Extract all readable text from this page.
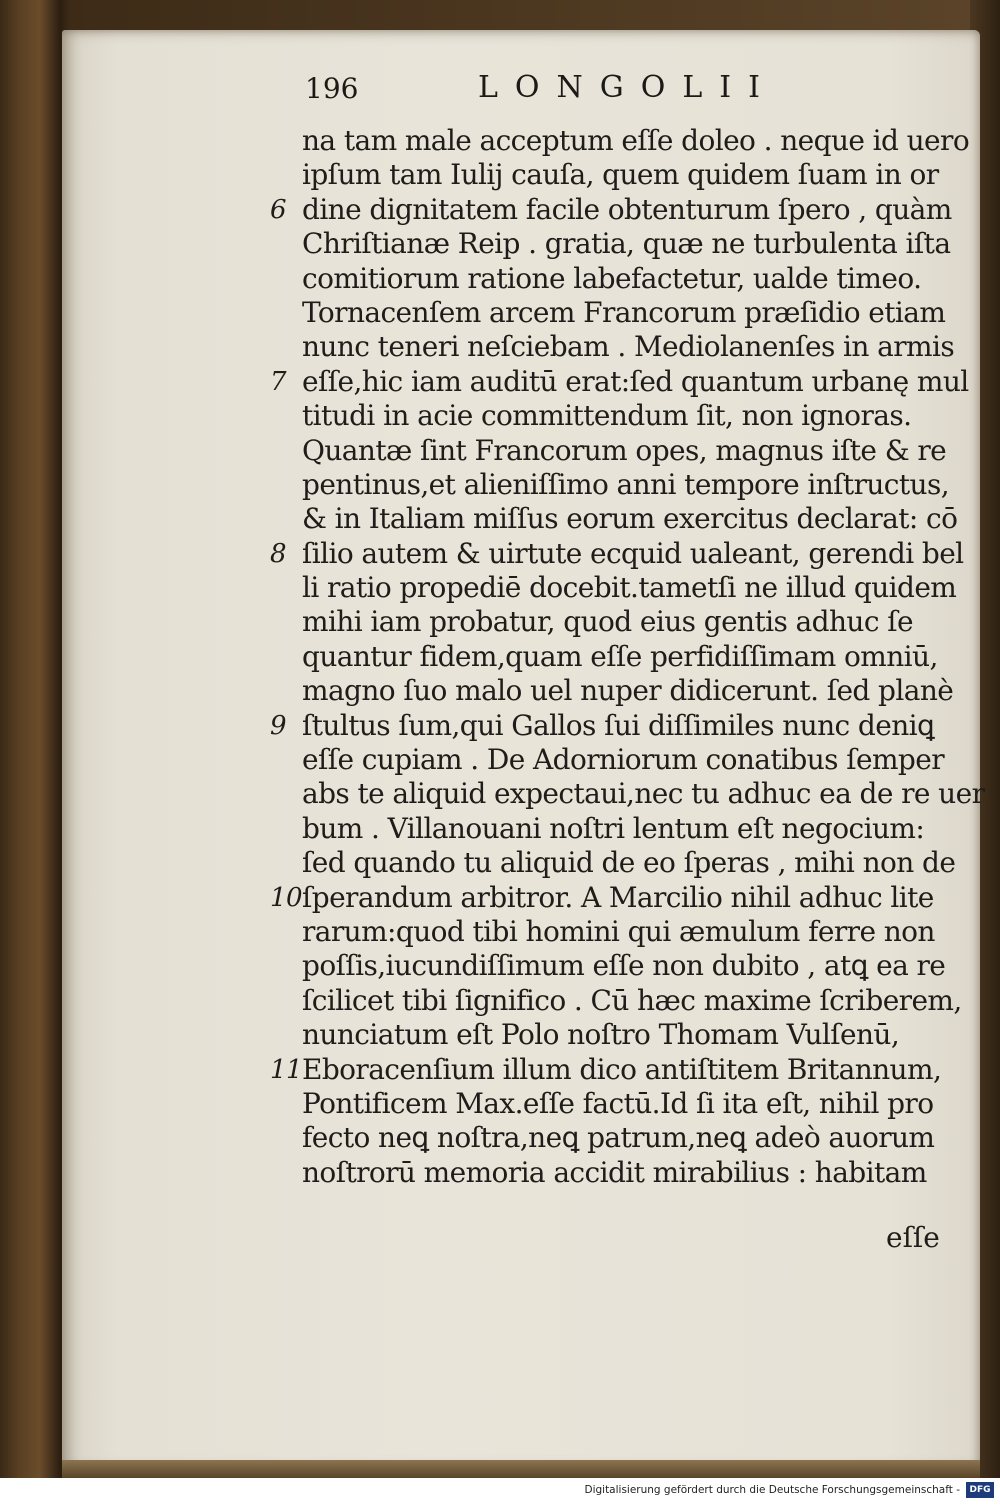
196	LONGOLII
na tam male acceptum eſſe doleo . neque id uero
ipſum tam Iulij cauſa, quem quidem ſuam in or
6 dine dignitatem facile obtenturum ſpero , quàm
Chriſtianæ Reip . gratia, quæ ne turbulenta iſta
comitiorum ratione labefactetur, ualde timeo.
Tornacenſem arcem Francorum præſidio etiam
nunc teneri neſciebam . Mediolanenſes in armis
7 eſſe,hic iam auditū erat:ſed quantum urbanę mul
titudi in acie committendum ſit, non ignoras.
Quantæ ſint Francorum opes, magnus iſte & re
pentinus,et alieniſſimo anni tempore inſtructus,
& in Italiam miſſus eorum exercitus declarat: cō
8 ſilio autem & uirtute ecquid ualeant, gerendi bel
li ratio propediē docebit.tametſi ne illud quidem
mihi iam probatur, quod eius gentis adhuc ſe
quantur fidem,quam eſſe perfidiſſimam omniū,
magno ſuo malo uel nuper didicerunt. ſed planè
9 ſtultus ſum,qui Gallos ſui diſſimiles nunc deniꝗ
eſſe cupiam . De Adorniorum conatibus ſemper
abs te aliquid expectaui,nec tu adhuc ea de re uer
bum . Villanouani noſtri lentum eſt negocium:
ſed quando tu aliquid de eo ſperas , mihi non de
10 ſperandum arbitror. A Marcilio nihil adhuc lite
rarum:quod tibi homini qui æmulum ferre non
poſſis,iucundiſſimum eſſe non dubito , atꝗ ea re
ſcilicet tibi ſignifico . Cū hæc maxime ſcriberem,
nunciatum eſt Polo noſtro Thomam Vulſenū,
11 Eboracenſium illum dico antiſtitem Britannum,
Pontificem Max.eſſe factū.Id ſi ita eſt, nihil pro
fecto neꝗ noſtra,neꝗ patrum,neꝗ adeò auorum
noſtrorū memoria accidit mirabilius : habitam
eſſe
Digitalisierung gefördert durch die Deutsche Forschungsgemeinschaft -	DFG
